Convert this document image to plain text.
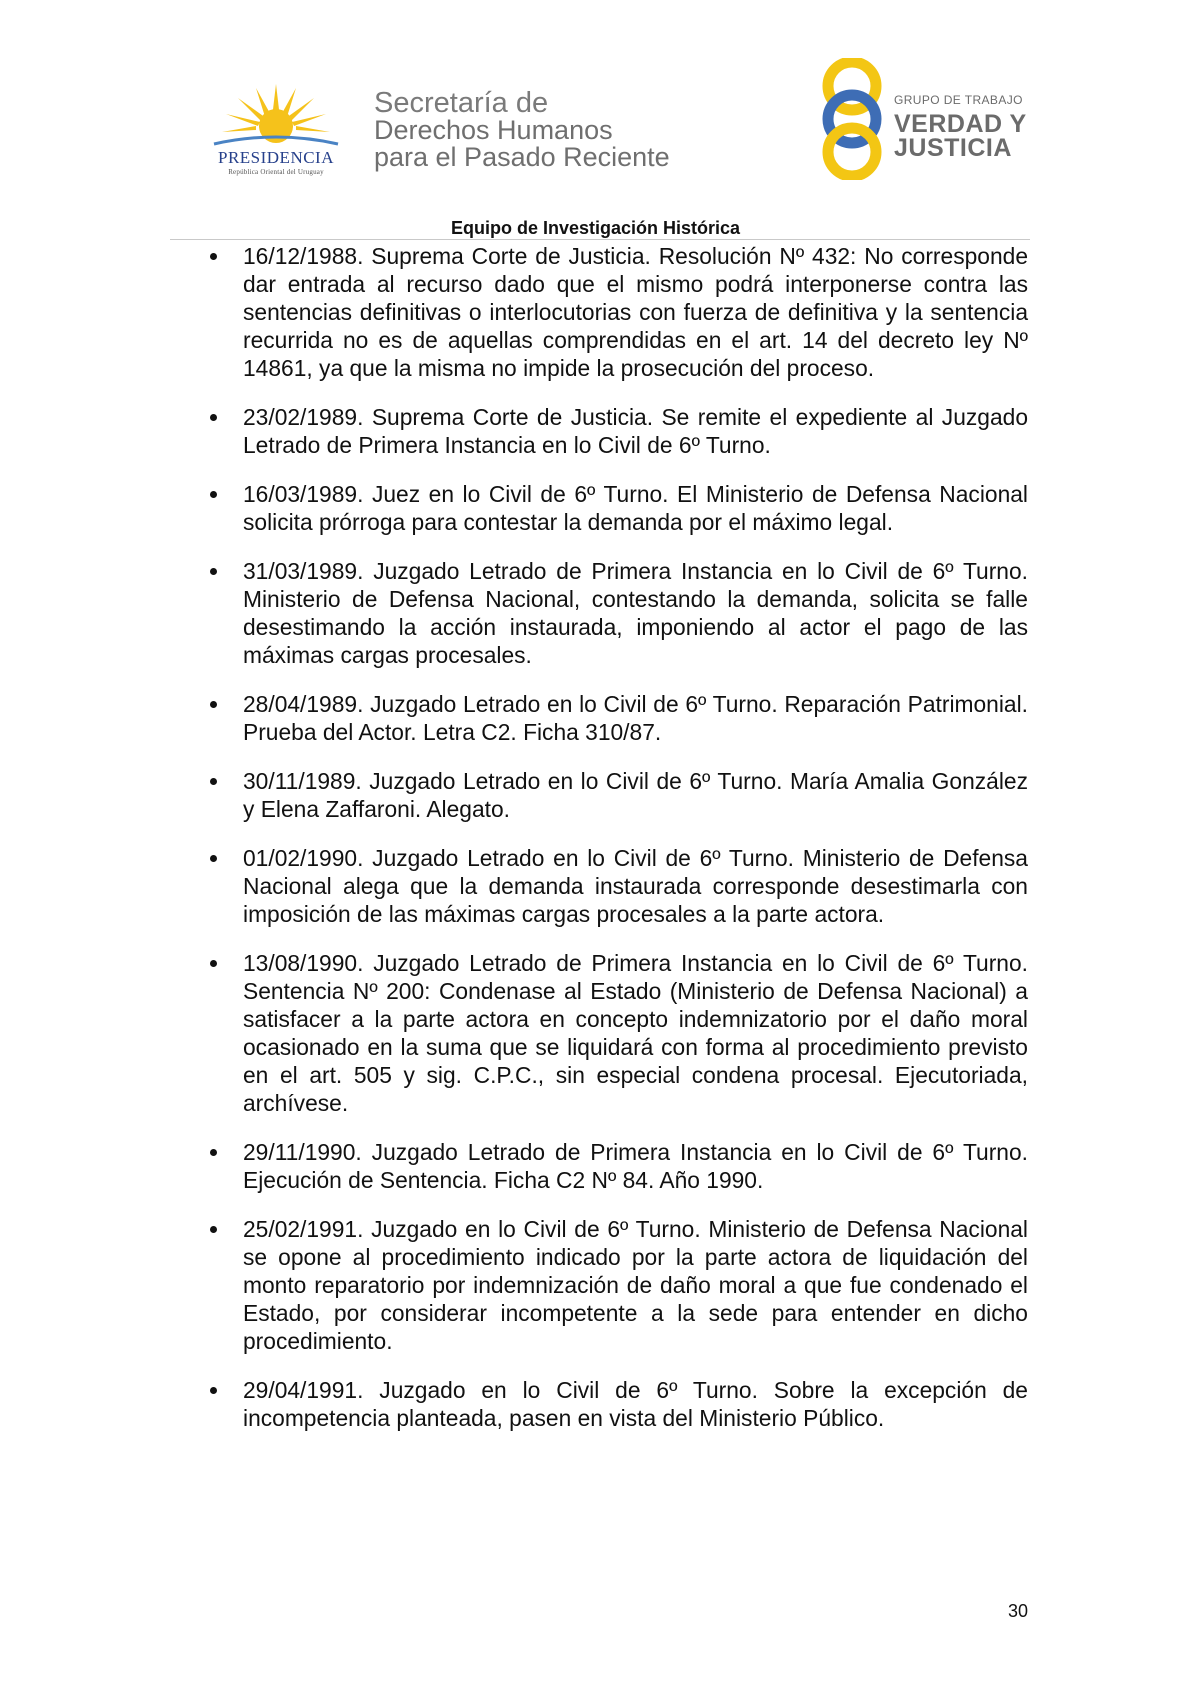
PRESIDENCIA
República Oriental del Uruguay
Secretaría de
Derechos Humanos
para el Pasado Reciente
GRUPO DE TRABAJO
VERDAD Y
JUSTICIA
Equipo de Investigación Histórica
16/12/1988. Suprema Corte de Justicia. Resolución Nº 432: No corresponde dar entrada al recurso dado que el mismo podrá interponerse contra las sentencias definitivas o interlocutorias con fuerza de definitiva y la sentencia recurrida no es de aquellas comprendidas en el art. 14 del decreto ley Nº 14861, ya que la misma no impide la prosecución del proceso.
23/02/1989. Suprema Corte de Justicia. Se remite el expediente al Juzgado Letrado de Primera Instancia en lo Civil de 6º Turno.
16/03/1989. Juez en lo Civil de 6º Turno. El Ministerio de Defensa Nacional solicita prórroga para contestar la demanda por el máximo legal.
31/03/1989. Juzgado Letrado de Primera Instancia en lo Civil de 6º Turno. Ministerio de Defensa Nacional, contestando la demanda, solicita se falle desestimando la acción instaurada, imponiendo al actor el pago de las máximas cargas procesales.
28/04/1989. Juzgado Letrado en lo Civil de 6º Turno. Reparación Patrimonial. Prueba del Actor. Letra C2. Ficha 310/87.
30/11/1989. Juzgado Letrado en lo Civil de 6º Turno. María Amalia González y Elena Zaffaroni. Alegato.
01/02/1990. Juzgado Letrado en lo Civil de 6º Turno. Ministerio de Defensa Nacional alega que la demanda instaurada corresponde desestimarla con imposición de las máximas cargas procesales a la parte actora.
13/08/1990. Juzgado Letrado de Primera Instancia en lo Civil de 6º Turno. Sentencia Nº 200: Condenase al Estado (Ministerio de Defensa Nacional) a satisfacer a la parte actora en concepto indemnizatorio por el daño moral ocasionado en la suma que se liquidará con forma al procedimiento previsto en el art. 505 y sig. C.P.C., sin especial condena procesal. Ejecutoriada, archívese.
29/11/1990. Juzgado Letrado de Primera Instancia en lo Civil de 6º Turno. Ejecución de Sentencia. Ficha C2 Nº 84. Año 1990.
25/02/1991. Juzgado en lo Civil de 6º Turno. Ministerio de Defensa Nacional se opone al procedimiento indicado por la parte actora de liquidación del monto reparatorio por indemnización de daño moral a que fue condenado el Estado, por considerar incompetente a la sede para entender en dicho procedimiento.
29/04/1991. Juzgado en lo Civil de 6º Turno. Sobre la excepción de incompetencia planteada, pasen en vista del Ministerio Público.
30
